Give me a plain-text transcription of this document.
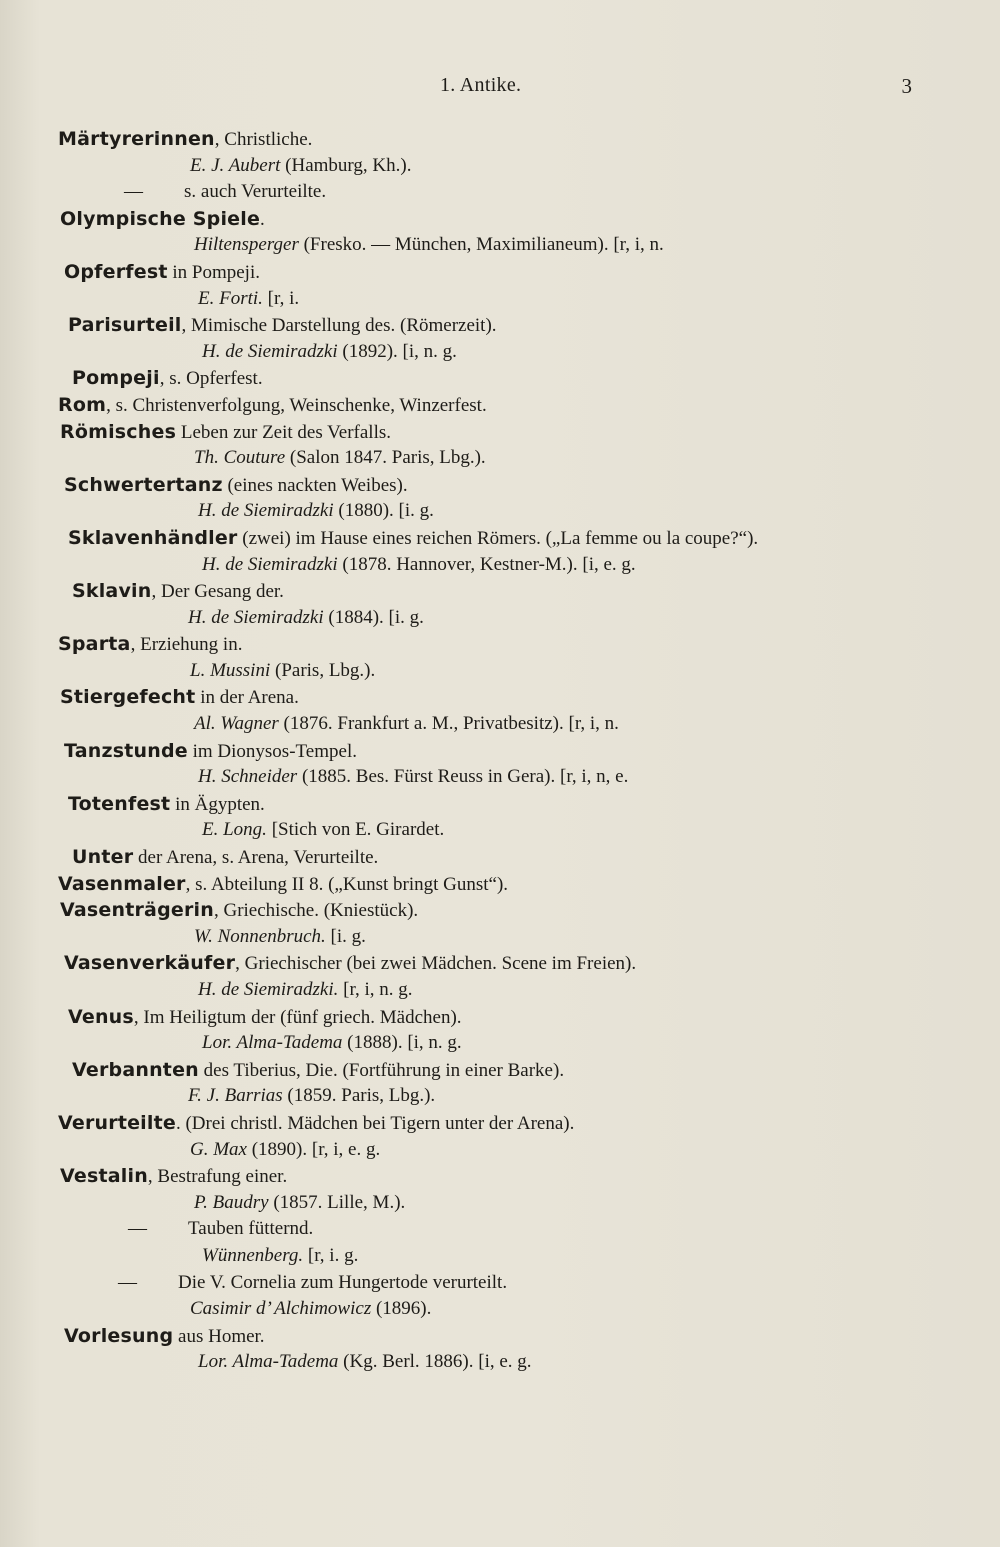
1. Antike.	3
Märtyrerinnen, Christliche.
E. J. Aubert (Hamburg, Kh.).
— s. auch Verurteilte.
Olympische Spiele.
Hiltensperger (Fresko. — München, Maximilianeum). [r, i, n.
Opferfest in Pompeji.
E. Forti. [r, i.
Parisurteil, Mimische Darstellung des. (Römerzeit).
H. de Siemiradzki (1892). [i, n. g.
Pompeji, s. Opferfest.
Rom, s. Christenverfolgung, Weinschenke, Winzerfest.
Römisches Leben zur Zeit des Verfalls.
Th. Couture (Salon 1847. Paris, Lbg.).
Schwertertanz (eines nackten Weibes).
H. de Siemiradzki (1880). [i. g.
Sklavenhändler (zwei) im Hause eines reichen Römers. („La femme ou la coupe?“).
H. de Siemiradzki (1878. Hannover, Kestner-M.). [i, e. g.
Sklavin, Der Gesang der.
H. de Siemiradzki (1884). [i. g.
Sparta, Erziehung in.
L. Mussini (Paris, Lbg.).
Stiergefecht in der Arena.
Al. Wagner (1876. Frankfurt a. M., Privatbesitz). [r, i, n.
Tanzstunde im Dionysos-Tempel.
H. Schneider (1885. Bes. Fürst Reuss in Gera). [r, i, n, e.
Totenfest in Ägypten.
E. Long. [Stich von E. Girardet.
Unter der Arena, s. Arena, Verurteilte.
Vasenmaler, s. Abteilung II 8. („Kunst bringt Gunst“).
Vasenträgerin, Griechische. (Kniestück).
W. Nonnenbruch. [i. g.
Vasenverkäufer, Griechischer (bei zwei Mädchen. Scene im Freien).
H. de Siemiradzki. [r, i, n. g.
Venus, Im Heiligtum der (fünf griech. Mädchen).
Lor. Alma-Tadema (1888). [i, n. g.
Verbannten des Tiberius, Die. (Fortführung in einer Barke).
F. J. Barrias (1859. Paris, Lbg.).
Verurteilte. (Drei christl. Mädchen bei Tigern unter der Arena).
G. Max (1890). [r, i, e. g.
Vestalin, Bestrafung einer.
P. Baudry (1857. Lille, M.).
— Tauben fütternd.
Wünnenberg. [r, i. g.
— Die V. Cornelia zum Hungertode verurteilt.
Casimir d’ Alchimowicz (1896).
Vorlesung aus Homer.
Lor. Alma-Tadema (Kg. Berl. 1886). [i, e. g.
